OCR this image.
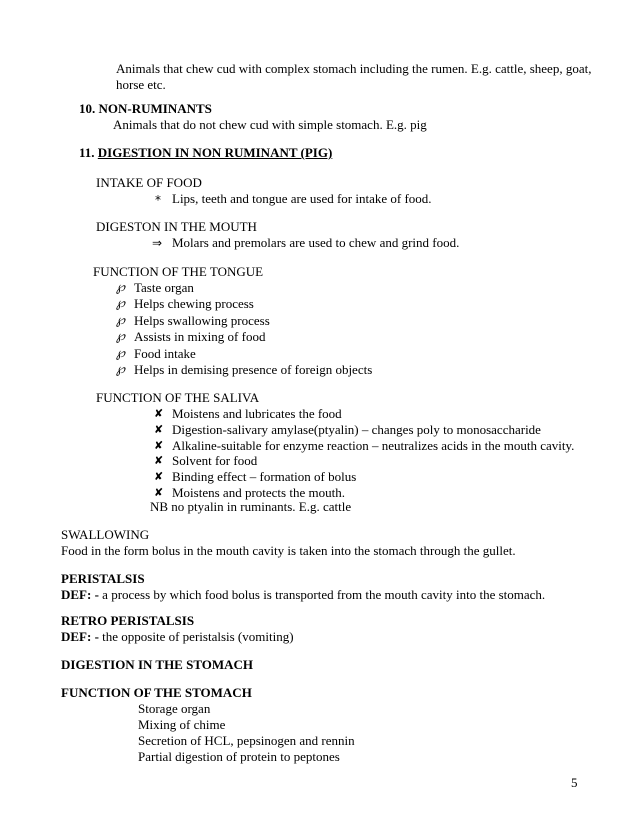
Animals that chew cud with complex stomach including the rumen. E.g. cattle, sheep, goat,
horse etc.
10. NON-RUMINANTS
Animals that do not chew cud with simple stomach. E.g. pig
11. DIGESTION IN NON RUMINANT (PIG)
INTAKE OF FOOD
* Lips, teeth and tongue are used for intake of food.
DIGESTON IN THE MOUTH
⇒ Molars and premolars are used to chew and grind food.
FUNCTION OF THE TONGUE
℘ Taste organ
℘ Helps chewing process
℘ Helps swallowing process
℘ Assists in mixing of food
℘ Food intake
℘ Helps in demising presence of foreign objects
FUNCTION OF THE SALIVA
✘ Moistens and lubricates the food
✘ Digestion-salivary amylase(ptyalin) – changes poly to monosaccharide
✘ Alkaline-suitable for enzyme reaction – neutralizes acids in the mouth cavity.
✘ Solvent for food
✘ Binding effect – formation of bolus
✘ Moistens and protects the mouth.
NB no ptyalin in ruminants. E.g. cattle
SWALLOWING
Food in the form bolus in the mouth cavity is taken into the stomach through the gullet.
PERISTALSIS
DEF: - a process by which food bolus is transported from the mouth cavity into the stomach.
RETRO PERISTALSIS
DEF: - the opposite of peristalsis (vomiting)
DIGESTION IN THE STOMACH
FUNCTION OF THE STOMACH
Storage organ
Mixing of chime
Secretion of HCL, pepsinogen and rennin
Partial digestion of protein to peptones
5
